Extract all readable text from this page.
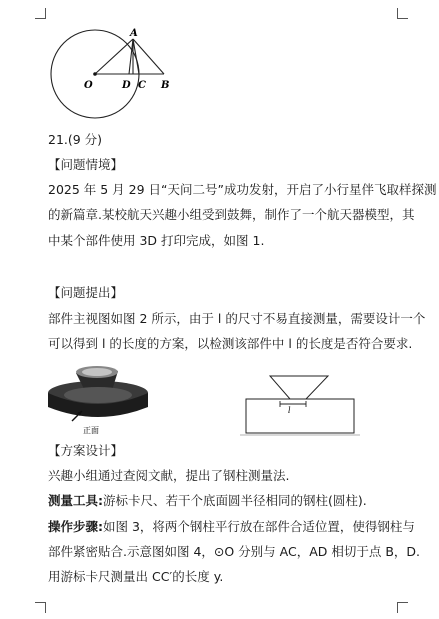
A
O	D C B
21.(9 分)
【问题情境】
2025 年 5 月 29 日“天问二号”成功发射，开启了小行星伴飞取样探测
的新篇章.某校航天兴趣小组受到鼓舞，制作了一个航天器模型，其
中某个部件使用 3D 打印完成，如图 1.
【问题提出】
部件主视图如图 2 所示，由于 l 的尺寸不易直接测量，需要设计一个
可以得到 l 的长度的方案，以检测该部件中 l 的长度是否符合要求.
正面
l
【方案设计】
兴趣小组通过查阅文献，提出了钢柱测量法.
测量工具:游标卡尺、若干个底面圆半径相同的钢柱(圆柱).
操作步骤:如图 3，将两个钢柱平行放在部件合适位置，使得钢柱与
部件紧密贴合.示意图如图 4，⊙O 分别与 AC，AD 相切于点 B，D.
用游标卡尺测量出 CC′的长度 y.
